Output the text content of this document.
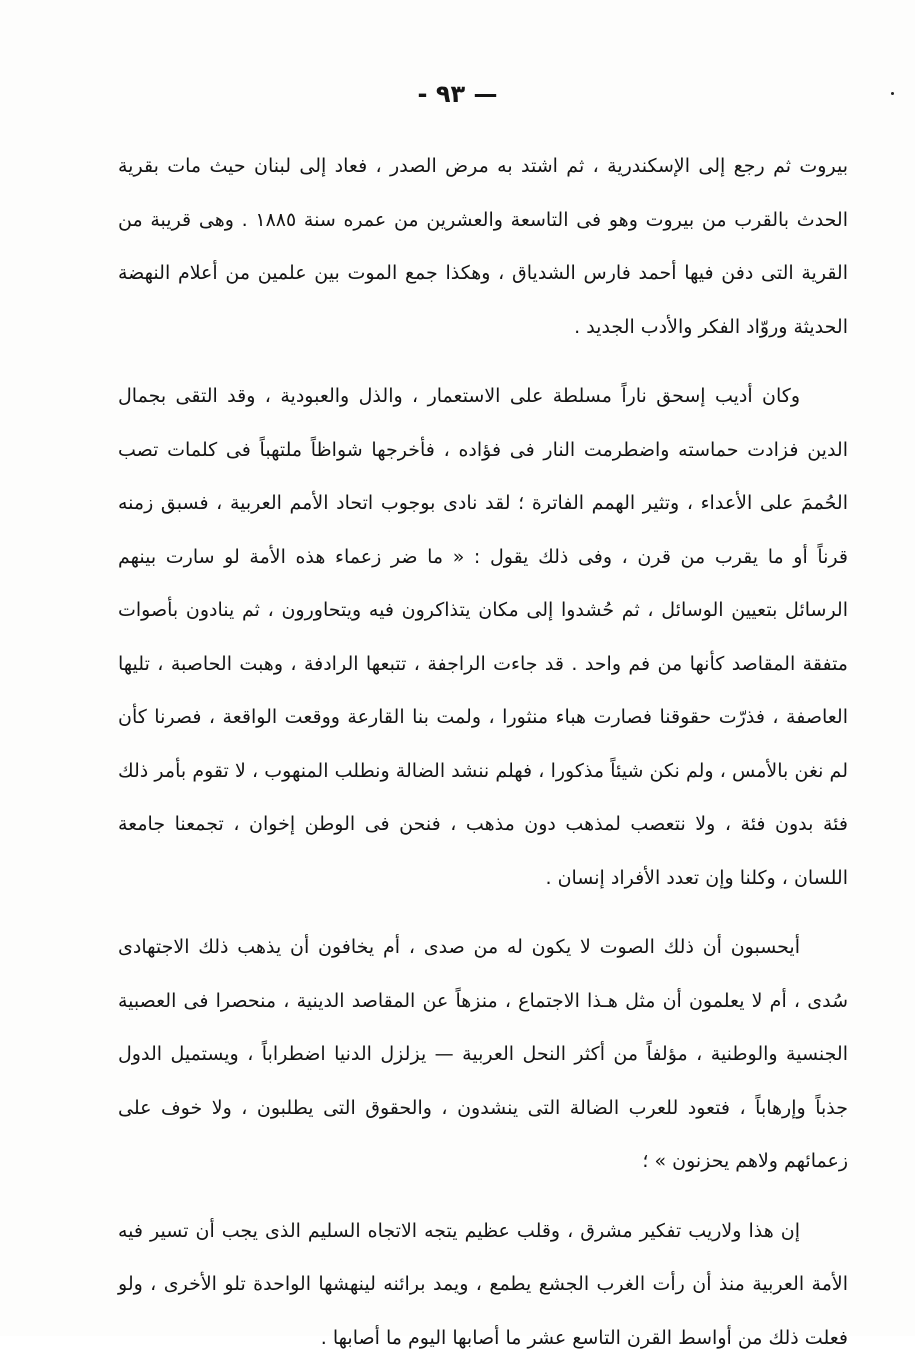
— ٩٣ -

بيروت ثم رجع إلى الإسكندرية ، ثم اشتد به مرض الصدر ، فعاد إلى لبنان حيث مات بقرية الحدث بالقرب من بيروت وهو فى التاسعة والعشرين من عمره سنة ١٨٨٥ . وهى قريبة من القرية التى دفن فيها أحمد فارس الشدياق ، وهكذا جمع الموت بين علمين من أعلام النهضة الحديثة وروّاد الفكر والأدب الجديد .

وكان أديب إسحق ناراً مسلطة على الاستعمار ، والذل والعبودية ، وقد التقى بجمال الدين فزادت حماسته واضطرمت النار فى فؤاده ، فأخرجها شواظاً ملتهباً فى كلمات تصب الحُممَ على الأعداء ، وتثير الهمم الفاترة ؛ لقد نادى بوجوب اتحاد الأمم العربية ، فسبق زمنه قرناً أو ما يقرب من قرن ، وفى ذلك يقول : « ما ضر زعماء هذه الأمة لو سارت بينهم الرسائل بتعيين الوسائل ، ثم حُشدوا إلى مكان يتذاكرون فيه ويتحاورون ، ثم ينادون بأصوات متفقة المقاصد كأنها من فم واحد . قد جاءت الراجفة ، تتبعها الرادفة ، وهبت الحاصبة ، تليها العاصفة ، فذرّت حقوقنا فصارت هباء منثورا ، ولمت بنا القارعة ووقعت الواقعة ، فصرنا كأن لم نغن بالأمس ، ولم نكن شيئاً مذكورا ، فهلم ننشد الضالة ونطلب المنهوب ، لا تقوم بأمر ذلك فئة بدون فئة ، ولا نتعصب لمذهب دون مذهب ، فنحن فى الوطن إخوان ، تجمعنا جامعة اللسان ، وكلنا وإن تعدد الأفراد إنسان .

أيحسبون أن ذلك الصوت لا يكون له من صدى ، أم يخافون أن يذهب ذلك الاجتهادى سُدى ، أم لا يعلمون أن مثل هـذا الاجتماع ، منزهاً عن المقاصد الدينية ، منحصرا فى العصبية الجنسية والوطنية ، مؤلفاً من أكثر النحل العربية — يزلزل الدنيا اضطراباً ، ويستميل الدول جذباً وإرهاباً ، فتعود للعرب الضالة التى ينشدون ، والحقوق التى يطلبون ، ولا خوف على زعمائهم ولاهم يحزنون » ؛

إن هذا ولاريب تفكير مشرق ، وقلب عظيم يتجه الاتجاه السليم الذى يجب أن تسير فيه الأمة العربية منذ أن رأت الغرب الجشع يطمع ، ويمد برائنه لينهشها الواحدة تلو الأخرى ، ولو فعلت ذلك من أواسط القرن التاسع عشر ما أصابها اليوم ما أصابها .
